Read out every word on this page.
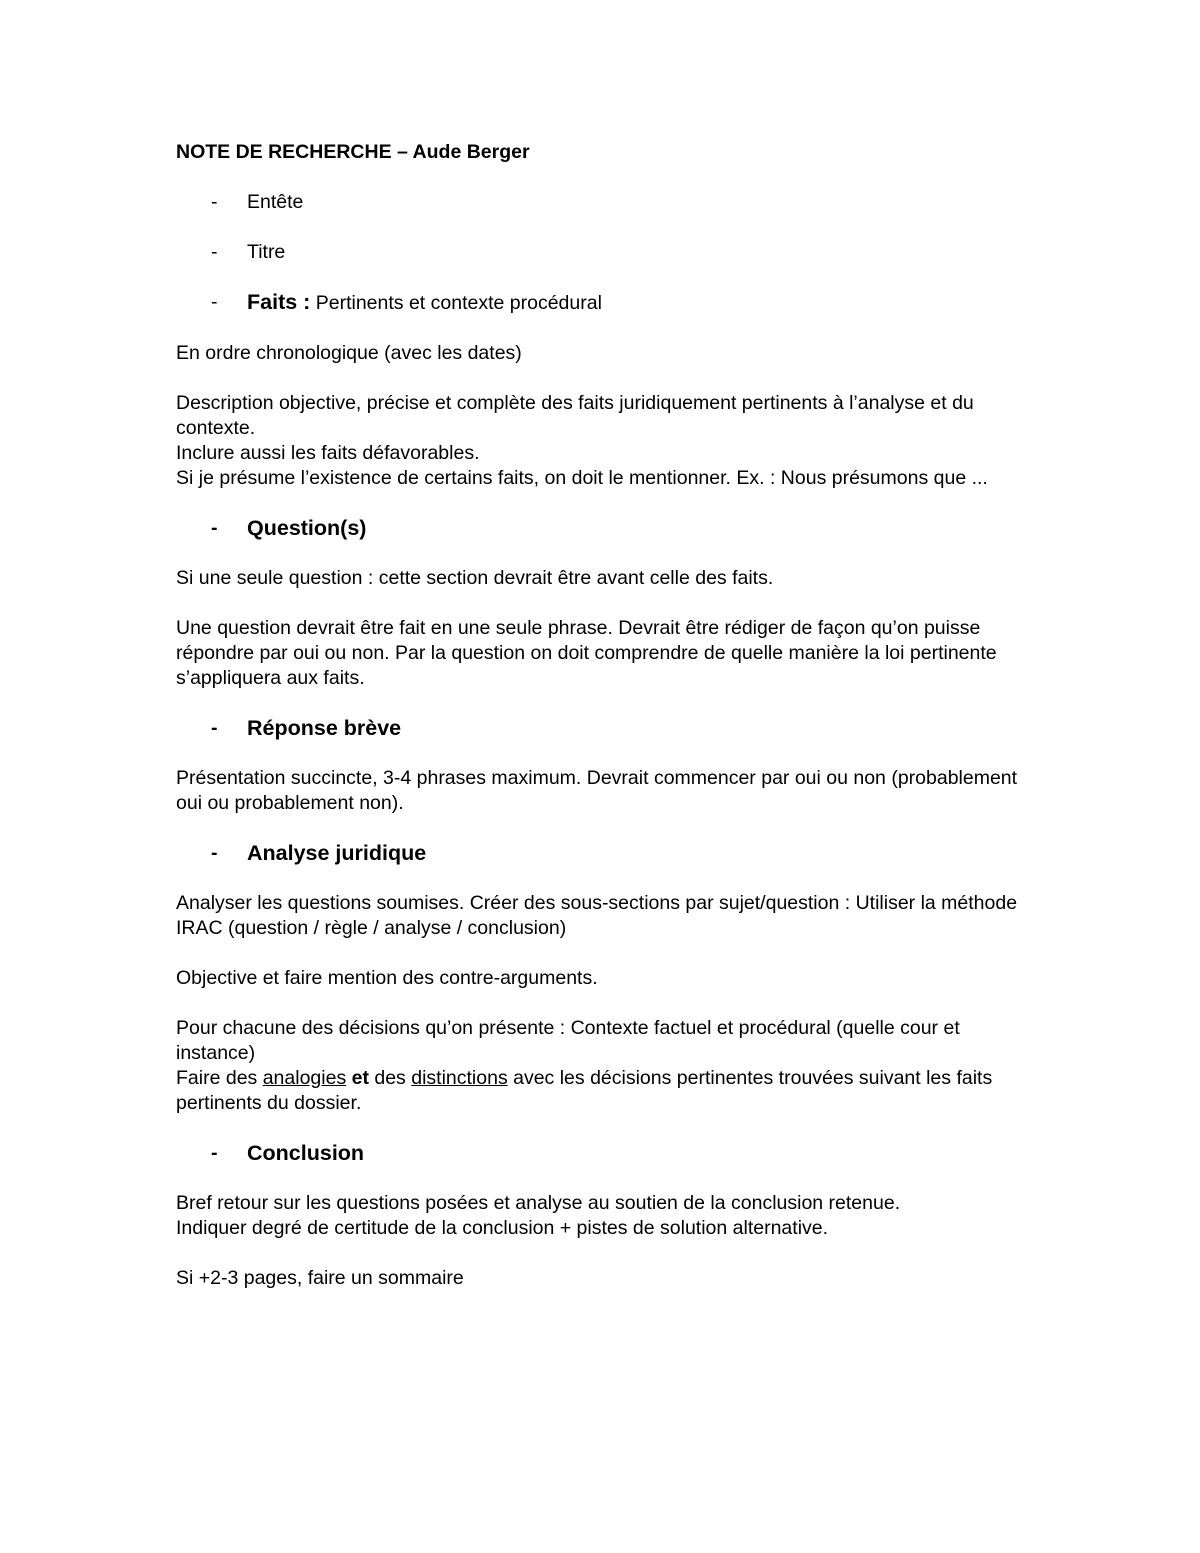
NOTE DE RECHERCHE – Aude Berger
- Entête
- Titre
- Faits : Pertinents et contexte procédural
En ordre chronologique (avec les dates)
Description objective, précise et complète des faits juridiquement pertinents à l’analyse et du contexte.
Inclure aussi les faits défavorables.
Si je présume l’existence de certains faits, on doit le mentionner. Ex. : Nous présumons que ...
- Question(s)
Si une seule question : cette section devrait être avant celle des faits.
Une question devrait être fait en une seule phrase. Devrait être rédiger de façon qu’on puisse répondre par oui ou non. Par la question on doit comprendre de quelle manière la loi pertinente s’appliquera aux faits.
- Réponse brève
Présentation succincte, 3-4 phrases maximum. Devrait commencer par oui ou non (probablement oui ou probablement non).
- Analyse juridique
Analyser les questions soumises. Créer des sous-sections par sujet/question : Utiliser la méthode IRAC (question / règle / analyse / conclusion)
Objective et faire mention des contre-arguments.
Pour chacune des décisions qu’on présente : Contexte factuel et procédural (quelle cour et instance)
Faire des analogies et des distinctions avec les décisions pertinentes trouvées suivant les faits pertinents du dossier.
- Conclusion
Bref retour sur les questions posées et analyse au soutien de la conclusion retenue.
Indiquer degré de certitude de la conclusion + pistes de solution alternative.
Si +2-3 pages, faire un sommaire
